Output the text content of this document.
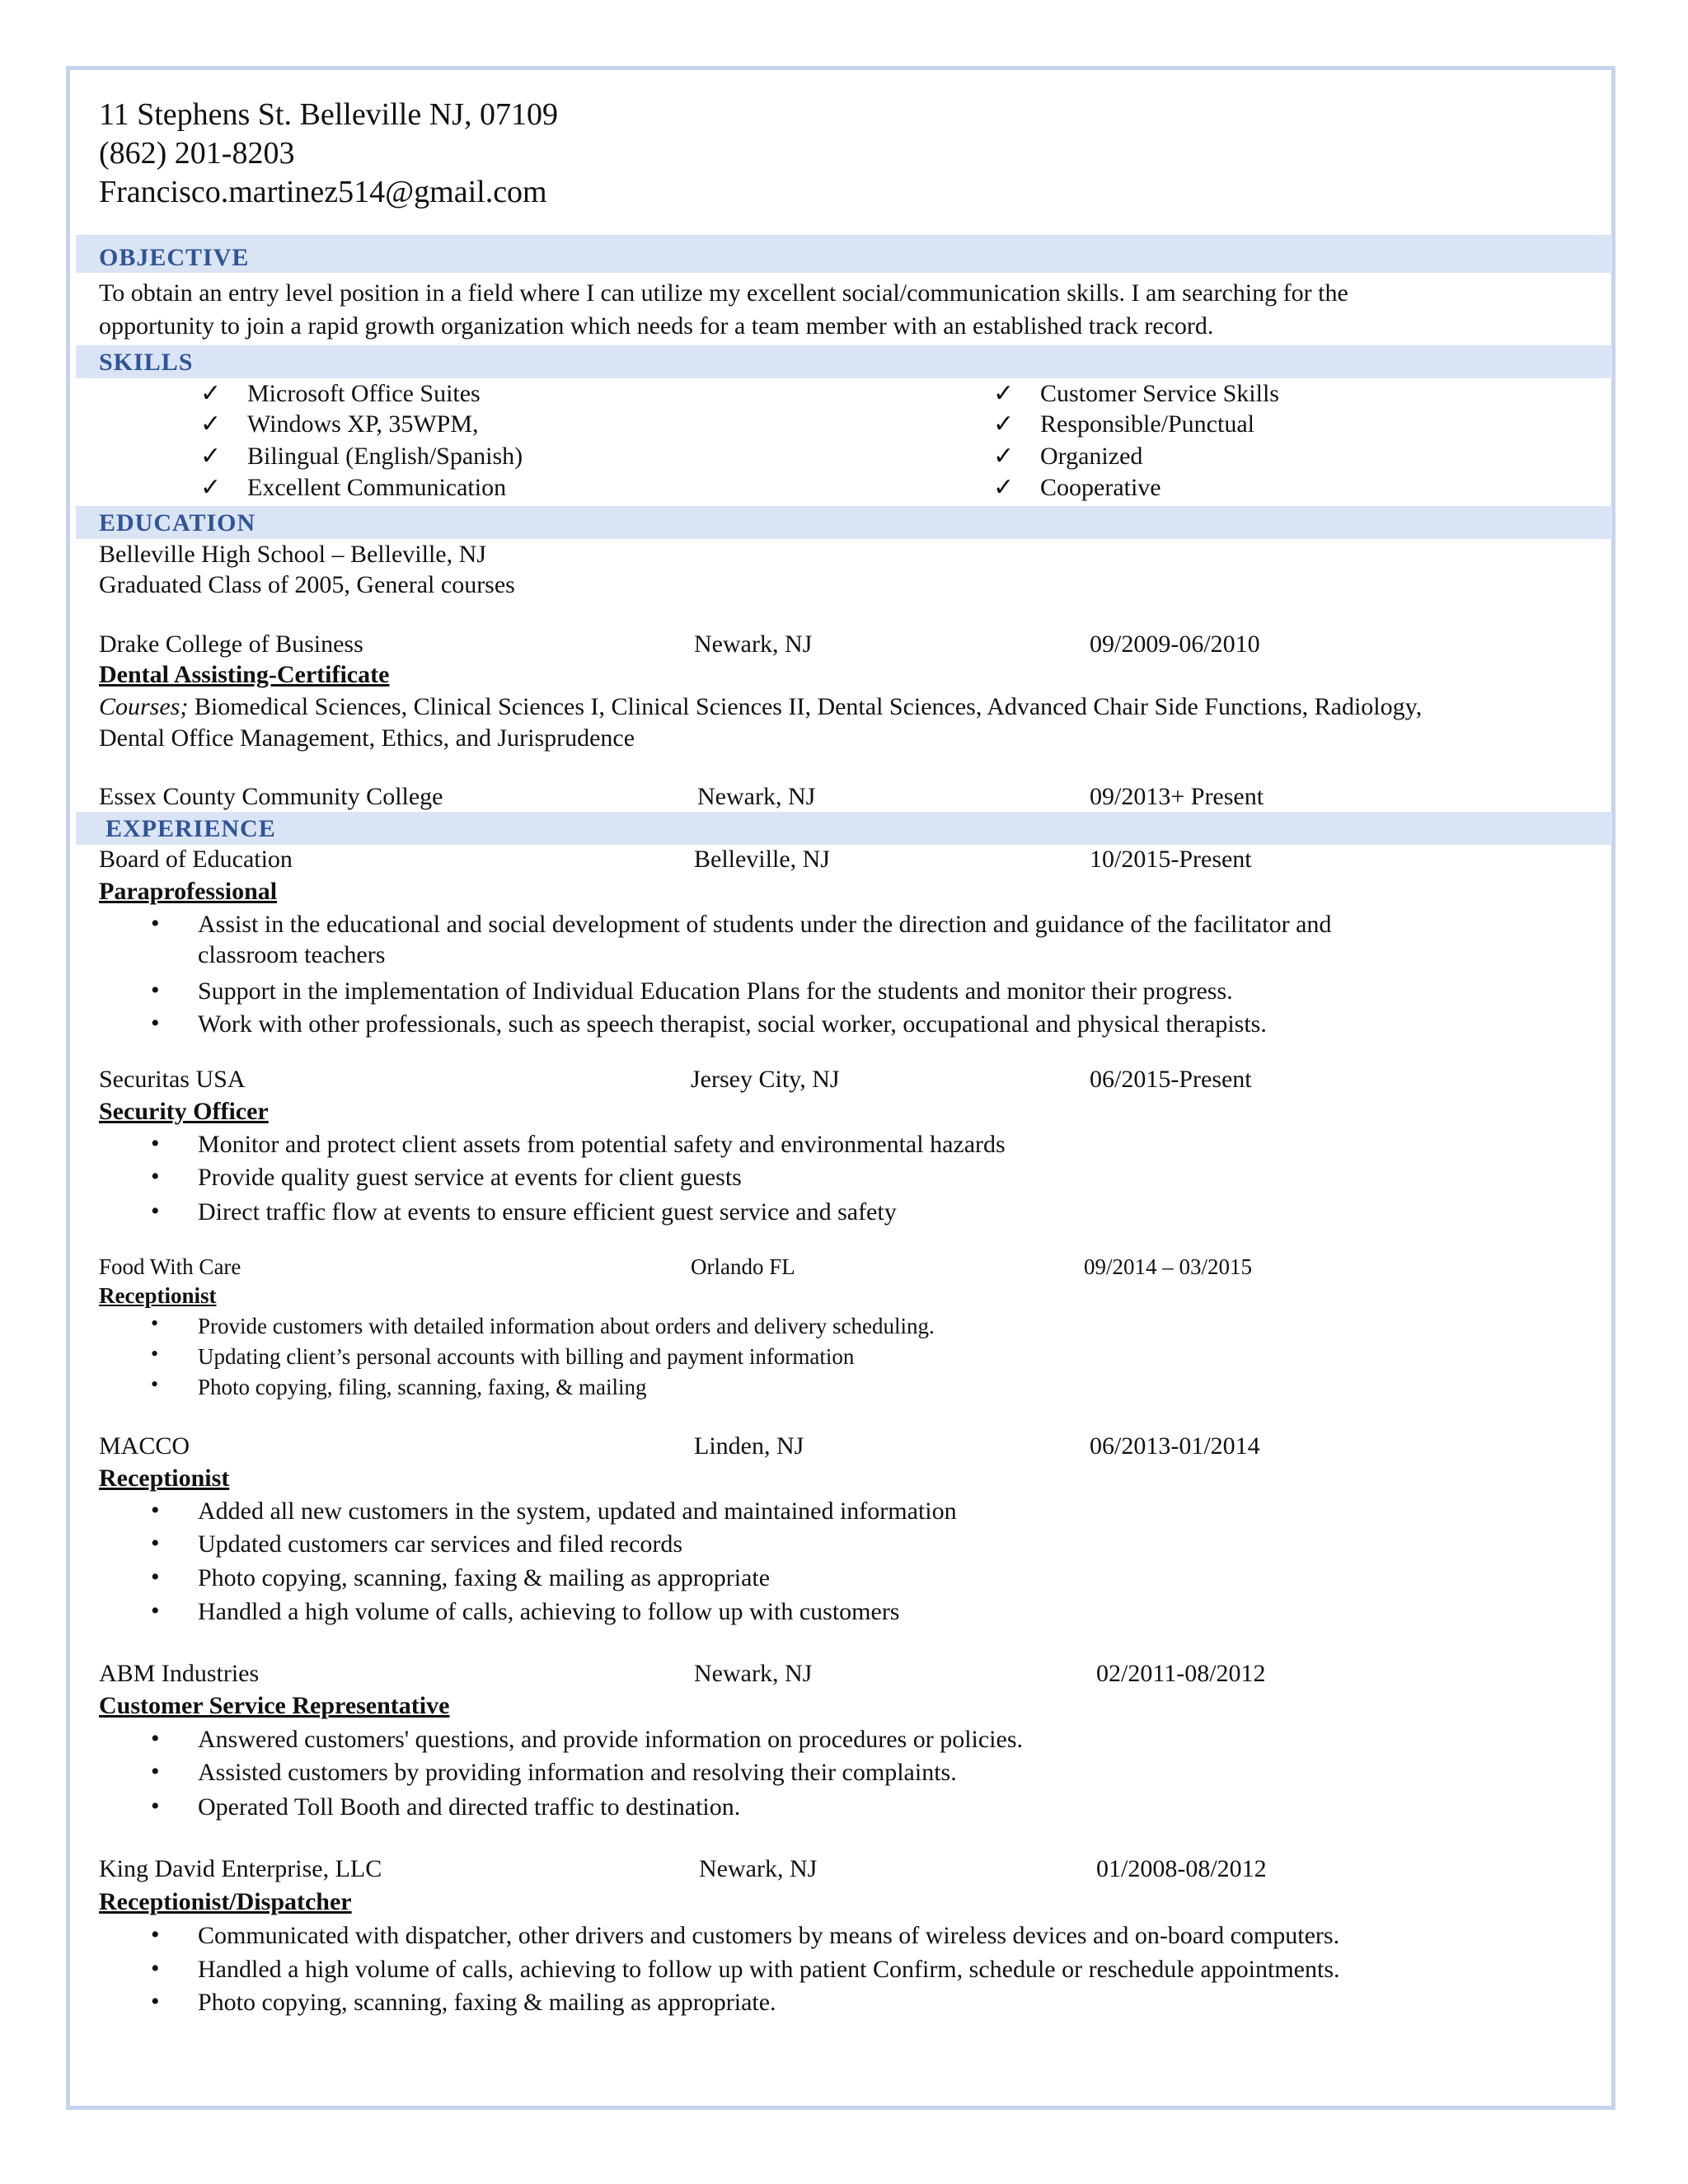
11 Stephens St. Belleville NJ, 07109
(862) 201-8203
Francisco.martinez514@gmail.com
OBJECTIVE
To obtain an entry level position in a field where I can utilize my excellent social/communication skills. I am searching for the
opportunity to join a rapid growth organization which needs for a team member with an established track record.
SKILLS
✓ Microsoft Office Suites
✓ Windows XP, 35WPM,
✓ Bilingual (English/Spanish)
✓ Excellent Communication
✓ Customer Service Skills
✓ Responsible/Punctual
✓ Organized
✓ Cooperative
EDUCATION
Belleville High School – Belleville, NJ
Graduated Class of 2005, General courses
Drake College of Business	Newark, NJ	09/2009-06/2010
Dental Assisting-Certificate
Courses; Biomedical Sciences, Clinical Sciences I, Clinical Sciences II, Dental Sciences, Advanced Chair Side Functions, Radiology,
Dental Office Management, Ethics, and Jurisprudence
Essex County Community College	Newark, NJ	09/2013+ Present
EXPERIENCE
Board of Education	Belleville, NJ	10/2015-Present
Paraprofessional
• Assist in the educational and social development of students under the direction and guidance of the facilitator and
classroom teachers
• Support in the implementation of Individual Education Plans for the students and monitor their progress.
• Work with other professionals, such as speech therapist, social worker, occupational and physical therapists.
Securitas USA	Jersey City, NJ	06/2015-Present
Security Officer
• Monitor and protect client assets from potential safety and environmental hazards
• Provide quality guest service at events for client guests
• Direct traffic flow at events to ensure efficient guest service and safety
Food With Care	Orlando FL	09/2014 – 03/2015
Receptionist
• Provide customers with detailed information about orders and delivery scheduling.
• Updating client’s personal accounts with billing and payment information
• Photo copying, filing, scanning, faxing, & mailing
MACCO	Linden, NJ	06/2013-01/2014
Receptionist
• Added all new customers in the system, updated and maintained information
• Updated customers car services and filed records
• Photo copying, scanning, faxing & mailing as appropriate
• Handled a high volume of calls, achieving to follow up with customers
ABM Industries	Newark, NJ	02/2011-08/2012
Customer Service Representative
• Answered customers' questions, and provide information on procedures or policies.
• Assisted customers by providing information and resolving their complaints.
• Operated Toll Booth and directed traffic to destination.
King David Enterprise, LLC	Newark, NJ	01/2008-08/2012
Receptionist/Dispatcher
• Communicated with dispatcher, other drivers and customers by means of wireless devices and on-board computers.
• Handled a high volume of calls, achieving to follow up with patient Confirm, schedule or reschedule appointments.
• Photo copying, scanning, faxing & mailing as appropriate.
